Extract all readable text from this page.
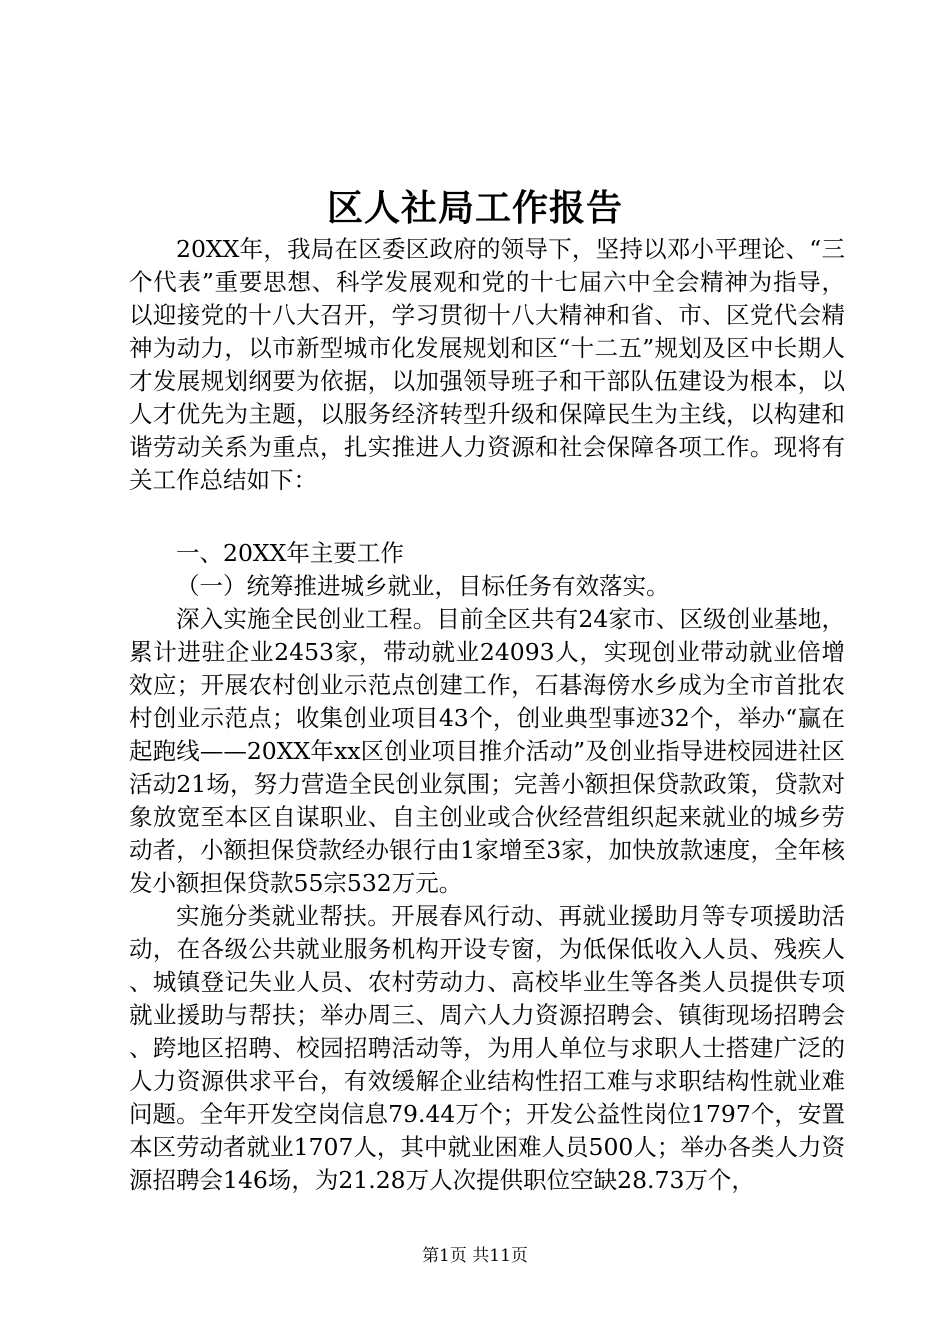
区人社局工作报告

20XX年，我局在区委区政府的领导下，坚持以邓小平理论、“三个代表”重要思想、科学发展观和党的十七届六中全会精神为指导，以迎接党的十八大召开，学习贯彻十八大精神和省、市、区党代会精神为动力，以市新型城市化发展规划和区“十二五”规划及区中长期人才发展规划纲要为依据，以加强领导班子和干部队伍建设为根本，以人才优先为主题，以服务经济转型升级和保障民生为主线，以构建和谐劳动关系为重点，扎实推进人力资源和社会保障各项工作。现将有关工作总结如下：

一、20XX年主要工作

（一）统筹推进城乡就业，目标任务有效落实。

深入实施全民创业工程。目前全区共有24家市、区级创业基地，累计进驻企业2453家，带动就业24093人，实现创业带动就业倍增效应；开展农村创业示范点创建工作，石碁海傍水乡成为全市首批农村创业示范点；收集创业项目43个，创业典型事迹32个，举办“赢在起跑线——20XX年xx区创业项目推介活动”及创业指导进校园进社区活动21场，努力营造全民创业氛围；完善小额担保贷款政策，贷款对象放宽至本区自谋职业、自主创业或合伙经营组织起来就业的城乡劳动者，小额担保贷款经办银行由1家增至3家，加快放款速度，全年核发小额担保贷款55宗532万元。

实施分类就业帮扶。开展春风行动、再就业援助月等专项援助活动，在各级公共就业服务机构开设专窗，为低保低收入人员、残疾人、城镇登记失业人员、农村劳动力、高校毕业生等各类人员提供专项就业援助与帮扶；举办周三、周六人力资源招聘会、镇街现场招聘会、跨地区招聘、校园招聘活动等，为用人单位与求职人士搭建广泛的人力资源供求平台，有效缓解企业结构性招工难与求职结构性就业难问题。全年开发空岗信息79.44万个；开发公益性岗位1797个，安置本区劳动者就业1707人，其中就业困难人员500人；举办各类人力资源招聘会146场，为21.28万人次提供职位空缺28.73万个，

第1页 共11页
